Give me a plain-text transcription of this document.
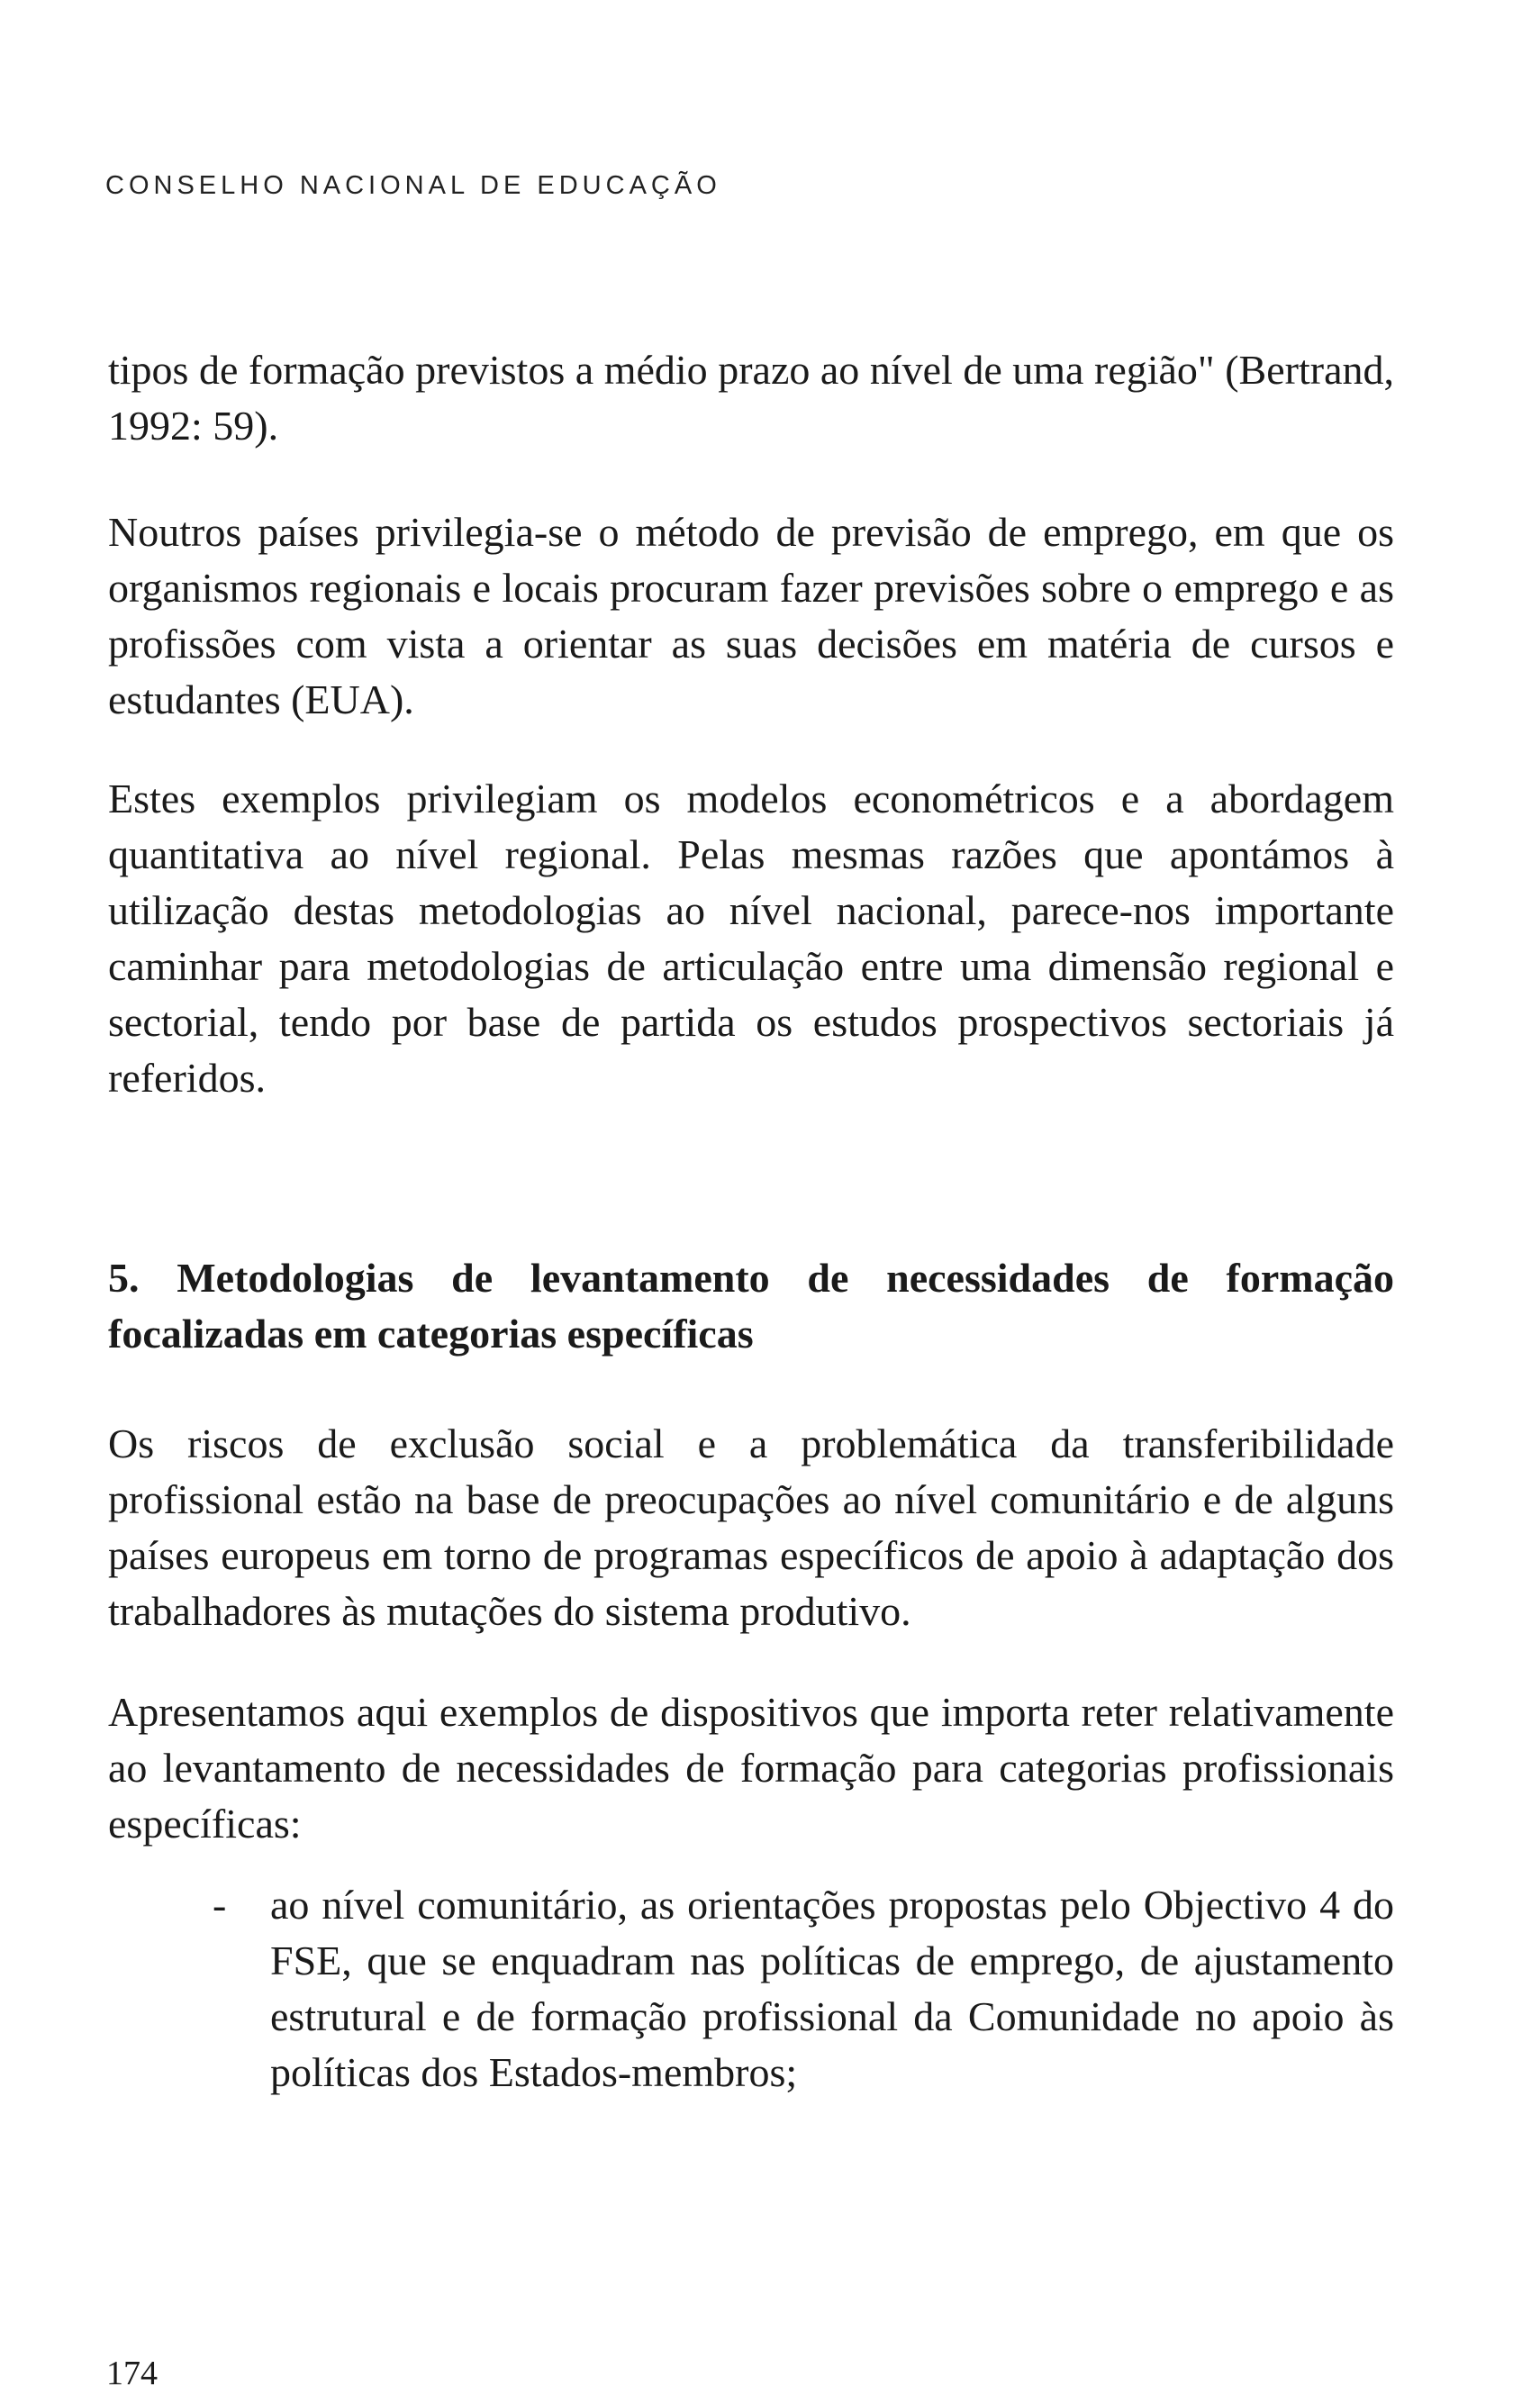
CONSELHO NACIONAL DE EDUCAÇÃO

tipos de formação previstos a médio prazo ao nível de uma região" (Bertrand, 1992: 59).

Noutros países privilegia-se o método de previsão de emprego, em que os organismos regionais e locais procuram fazer previsões sobre o emprego e as profissões com vista a orientar as suas decisões em matéria de cursos e estudantes (EUA).

Estes exemplos privilegiam os modelos econométricos e a abordagem quantitativa ao nível regional. Pelas mesmas razões que apontámos à utilização destas metodologias ao nível nacional, parece-nos importante caminhar para metodologias de articulação entre uma dimensão regional e sectorial, tendo por base de partida os estudos prospectivos sectoriais já referidos.

5. Metodologias de levantamento de necessidades de formação focalizadas em categorias específicas

Os riscos de exclusão social e a problemática da transferibilidade profissional estão na base de preocupações ao nível comunitário e de alguns países europeus em torno de programas específicos de apoio à adaptação dos trabalhadores às mutações do sistema produtivo.

Apresentamos aqui exemplos de dispositivos que importa reter relativamente ao levantamento de necessidades de formação para categorias profissionais específicas:

- ao nível comunitário, as orientações propostas pelo Objectivo 4 do FSE, que se enquadram nas políticas de emprego, de ajustamento estrutural e de formação profissional da Comunidade no apoio às políticas dos Estados-membros;

174
